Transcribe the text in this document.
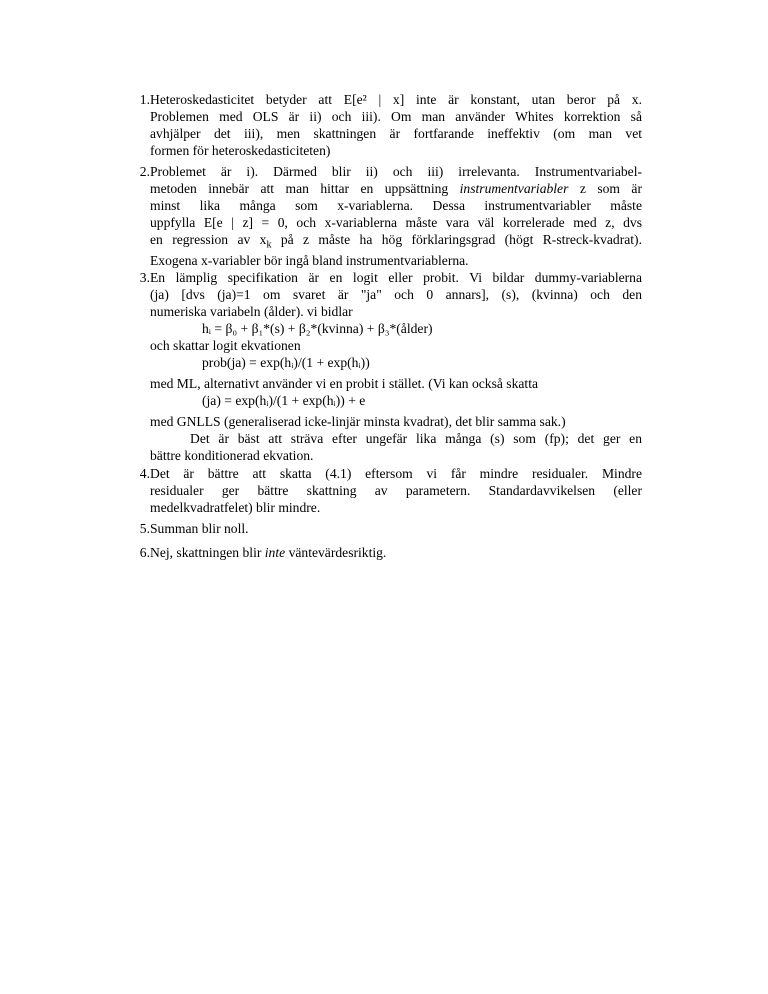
1. Heteroskedasticitet betyder att E[e² | x] inte är konstant, utan beror på x.
Problemen med OLS är ii) och iii). Om man använder Whites korrektion så
avhjälper det iii), men skattningen är fortfarande ineffektiv (om man vet
formen för heteroskedasticiteten)
2. Problemet är i). Därmed blir ii) och iii) irrelevanta. Instrumentvariabel-
metoden innebär att man hittar en uppsättning instrumentvariabler z som är
minst lika många som x-variablerna. Dessa instrumentvariabler måste
uppfylla E[e | z] = 0, och x-variablerna måste vara väl korrelerade med z, dvs
en regression av $x_k$ på z måste ha hög förklaringsgrad (högt R-streck-kvadrat).
Exogena x-variabler bör ingå bland instrumentvariablerna.
3. En lämplig specifikation är en logit eller probit. Vi bildar dummy-variablerna
(ja) [dvs (ja)=1 om svaret är "ja" och 0 annars], (s), (kvinna) och den
numeriska variabeln (ålder). vi bidlar
hᵢ = β₀ + β₁*(s) + β₂*(kvinna) + β₃*(ålder)
och skattar logit ekvationen
prob(ja) = exp(hᵢ)/(1 + exp(hᵢ))
med ML, alternativt använder vi en probit i stället. (Vi kan också skatta
(ja) = exp(hᵢ)/(1 + exp(hᵢ)) + e
med GNLLS (generaliserad icke-linjär minsta kvadrat), det blir samma sak.)
Det är bäst att sträva efter ungefär lika många (s) som (fp); det ger en
bättre konditionerad ekvation.
4. Det är bättre att skatta (4.1) eftersom vi får mindre residualer. Mindre
residualer ger bättre skattning av parametern. Standardavvikelsen (eller
medelkvadratfelet) blir mindre.
5. Summan blir noll.
6. Nej, skattningen blir inte väntevärdesriktig.
